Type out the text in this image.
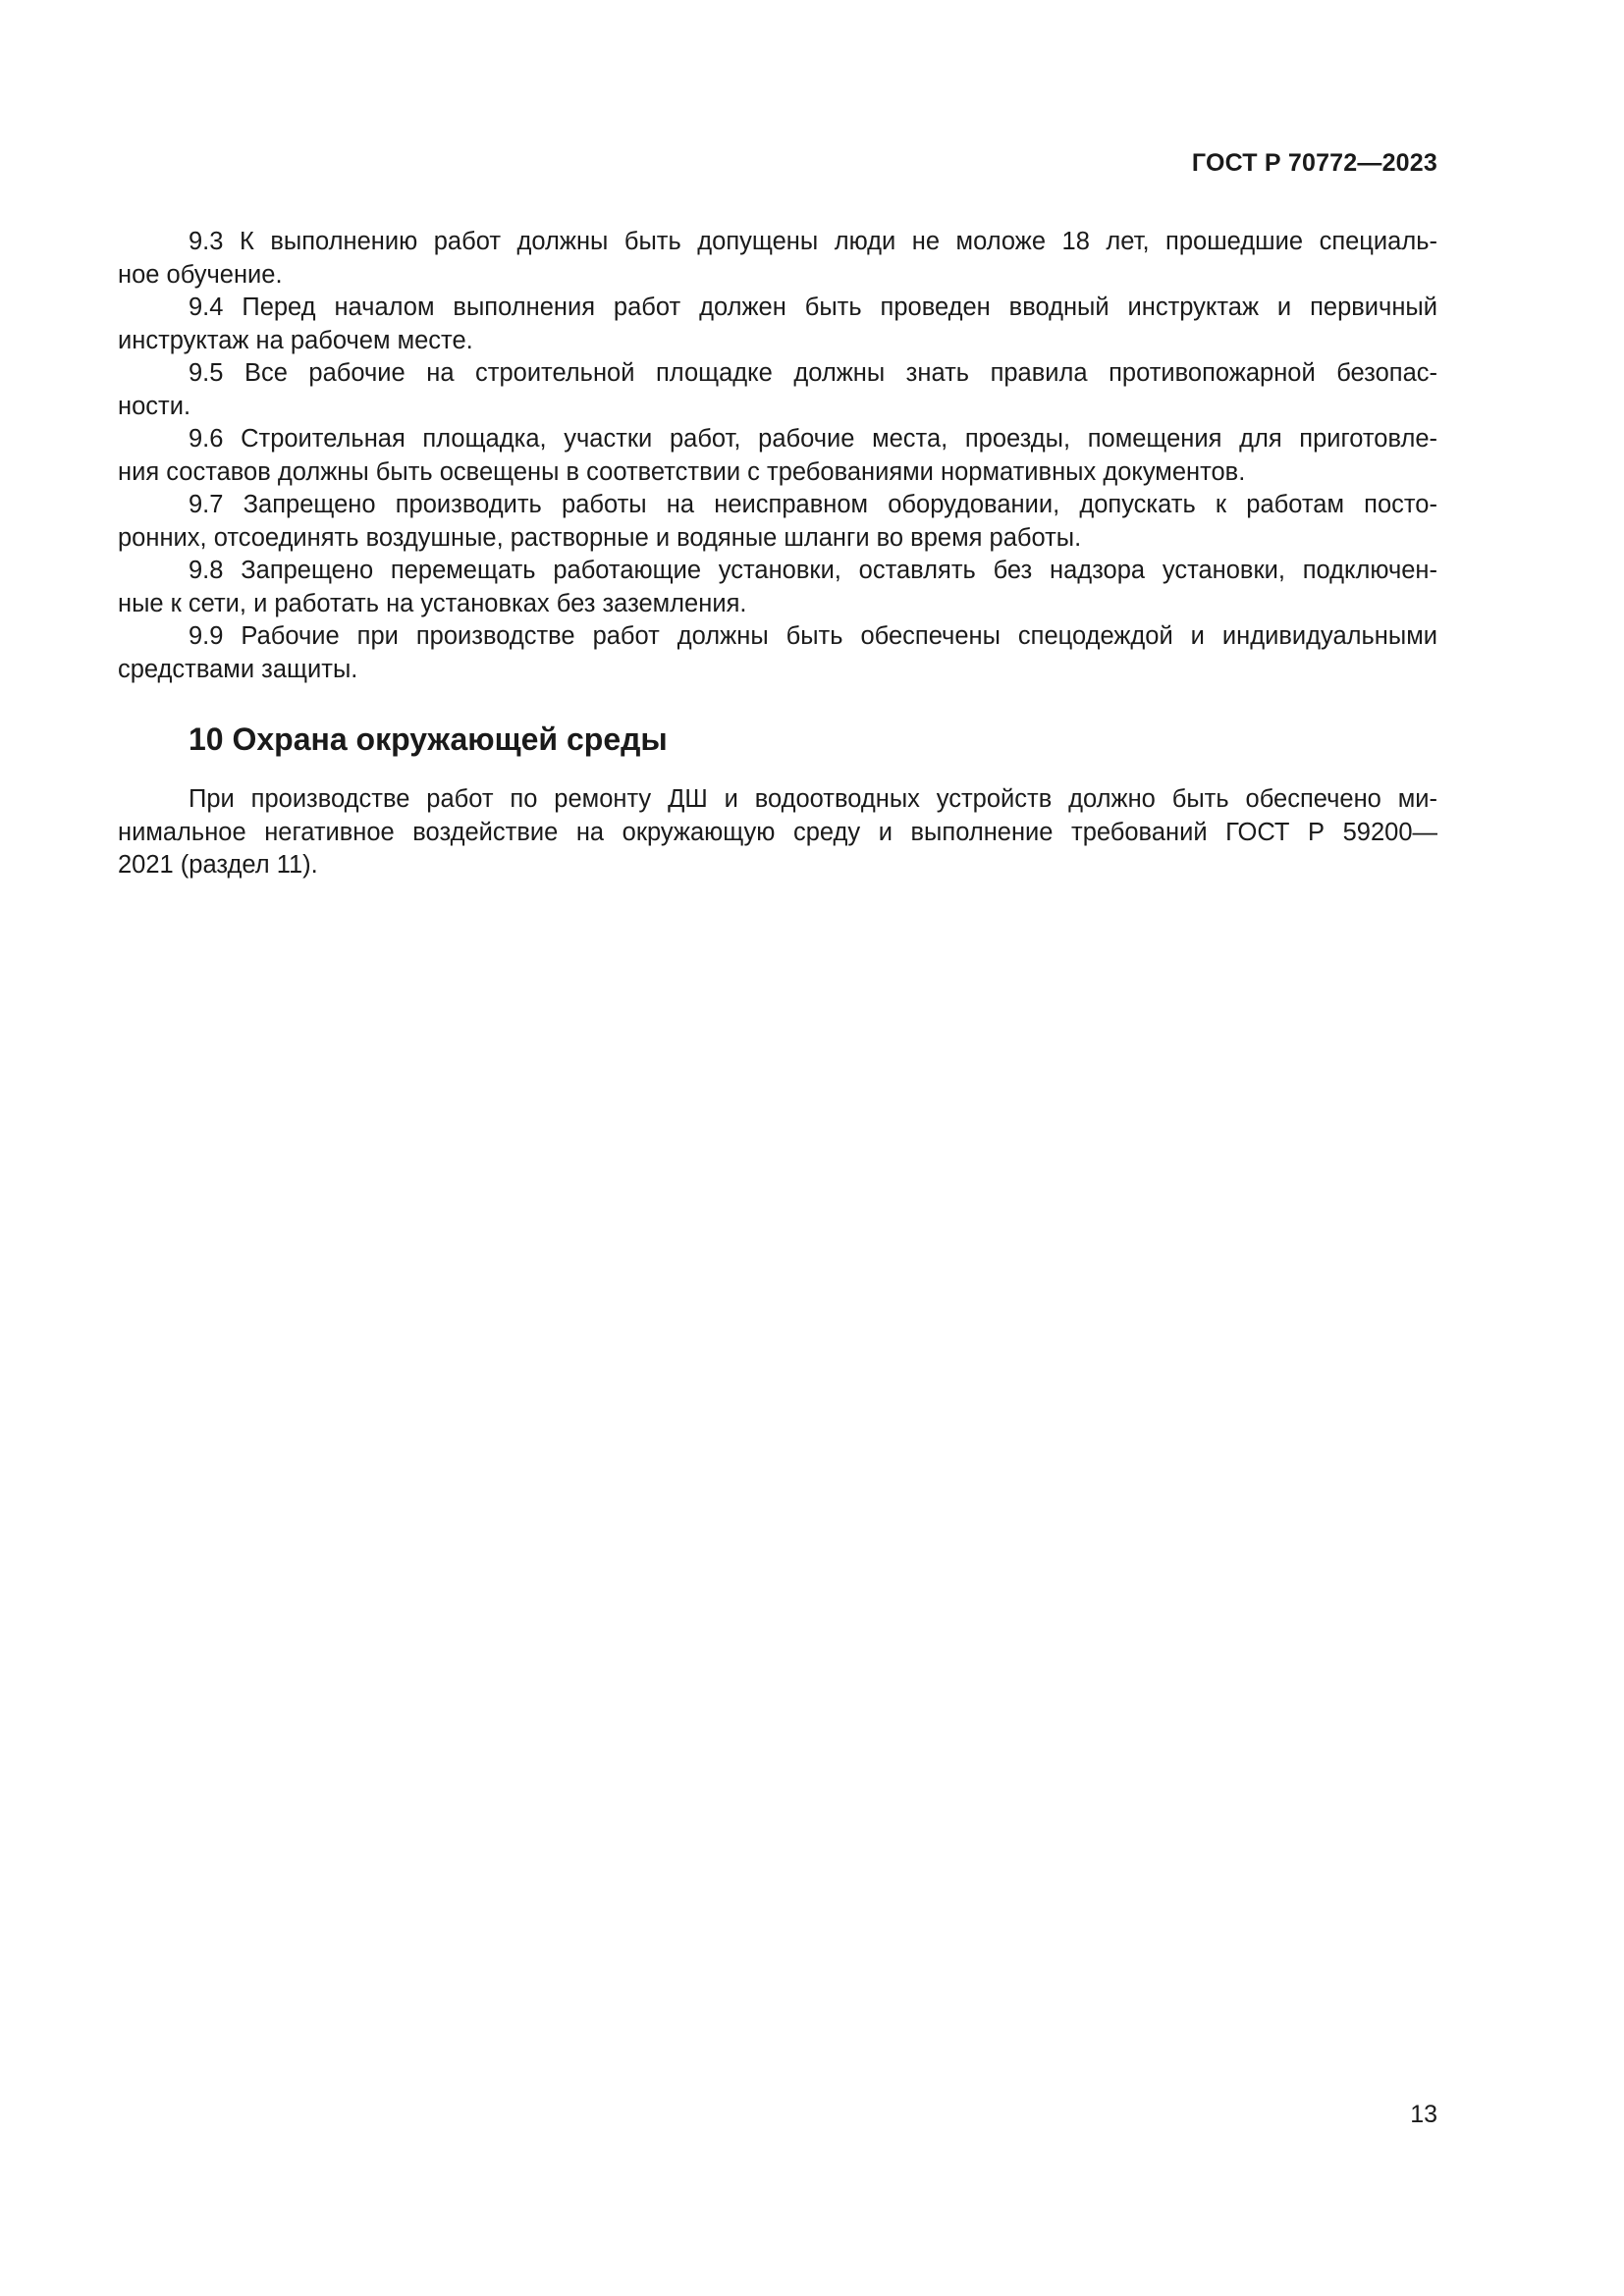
ГОСТ Р 70772—2023

9.3 К выполнению работ должны быть допущены люди не моложе 18 лет, прошедшие специаль-
ное обучение.

9.4 Перед началом выполнения работ должен быть проведен вводный инструктаж и первичный
инструктаж на рабочем месте.

9.5 Все рабочие на строительной площадке должны знать правила противопожарной безопас-
ности.

9.6 Строительная площадка, участки работ, рабочие места, проезды, помещения для приготовле-
ния составов должны быть освещены в соответствии с требованиями нормативных документов.

9.7 Запрещено производить работы на неисправном оборудовании, допускать к работам посто-
ронних, отсоединять воздушные, растворные и водяные шланги во время работы.

9.8 Запрещено перемещать работающие установки, оставлять без надзора установки, подключен-
ные к сети, и работать на установках без заземления.

9.9 Рабочие при производстве работ должны быть обеспечены спецодеждой и индивидуальными
средствами защиты.

10 Охрана окружающей среды

При производстве работ по ремонту ДШ и водоотводных устройств должно быть обеспечено ми-
нимальное негативное воздействие на окружающую среду и выполнение требований ГОСТ Р 59200—
2021 (раздел 11).

13
